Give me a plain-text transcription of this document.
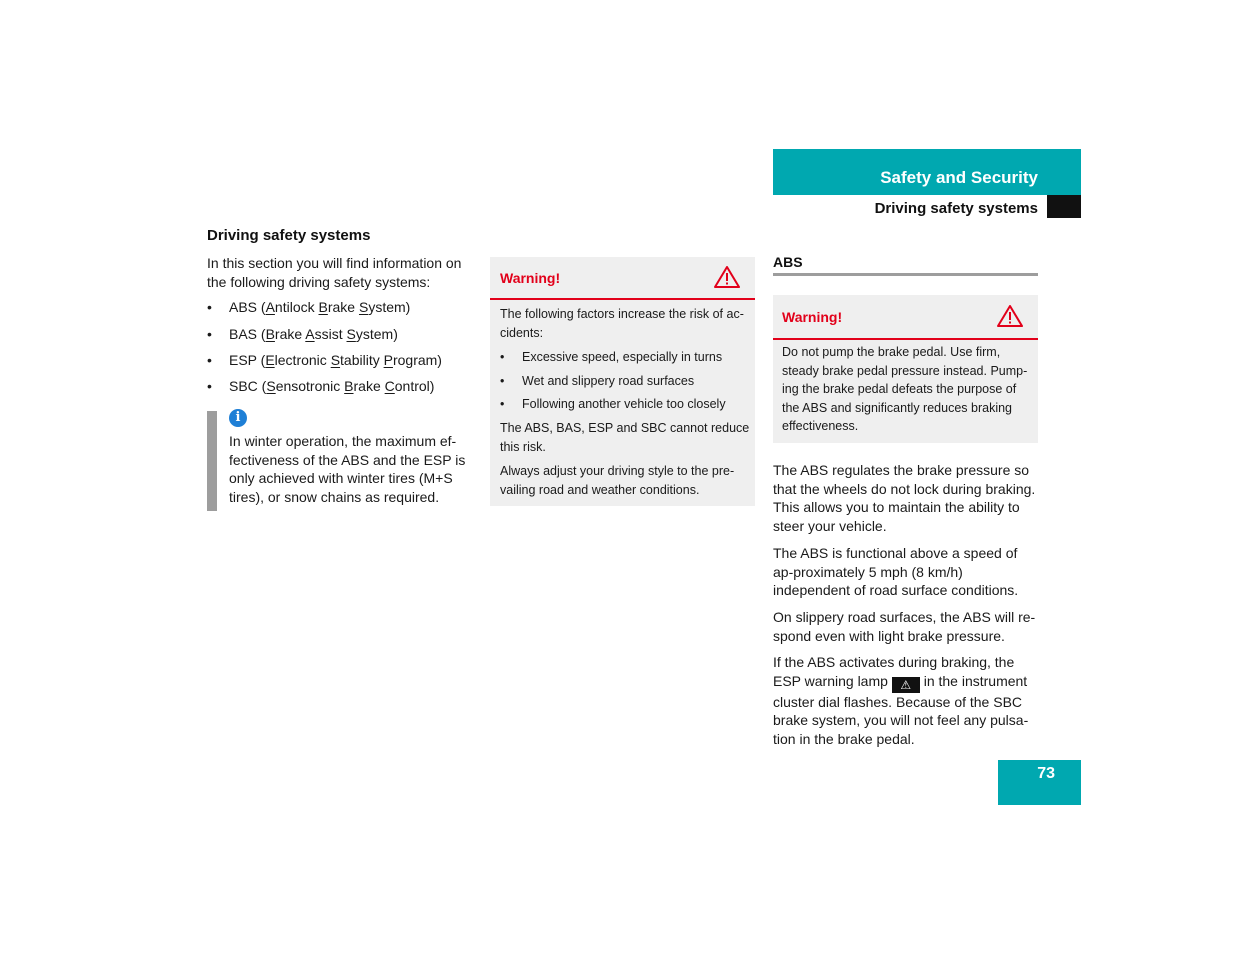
Safety and Security
Driving safety systems
Driving safety systems
In this section you will find information on the following driving safety systems:
• ABS (Antilock Brake System)
• BAS (Brake Assist System)
• ESP (Electronic Stability Program)
• SBC (Sensotronic Brake Control)
i
In winter operation, the maximum ef-fectiveness of the ABS and the ESP is only achieved with winter tires (M+S tires), or snow chains as required.
Warning!
The following factors increase the risk of ac-cidents:
• Excessive speed, especially in turns
• Wet and slippery road surfaces
• Following another vehicle too closely
The ABS, BAS, ESP and SBC cannot reduce this risk.
Always adjust your driving style to the pre-vailing road and weather conditions.
ABS
Warning!
Do not pump the brake pedal. Use firm, steady brake pedal pressure instead. Pump-ing the brake pedal defeats the purpose of the ABS and significantly reduces braking effectiveness.
The ABS regulates the brake pressure so that the wheels do not lock during braking. This allows you to maintain the ability to steer your vehicle.
The ABS is functional above a speed of ap-proximately 5 mph (8 km/h) independent of road surface conditions.
On slippery road surfaces, the ABS will re-spond even with light brake pressure.
If the ABS activates during braking, the ESP warning lamp ⚠ in the instrument cluster dial flashes. Because of the SBC brake system, you will not feel any pulsa-tion in the brake pedal.
73
